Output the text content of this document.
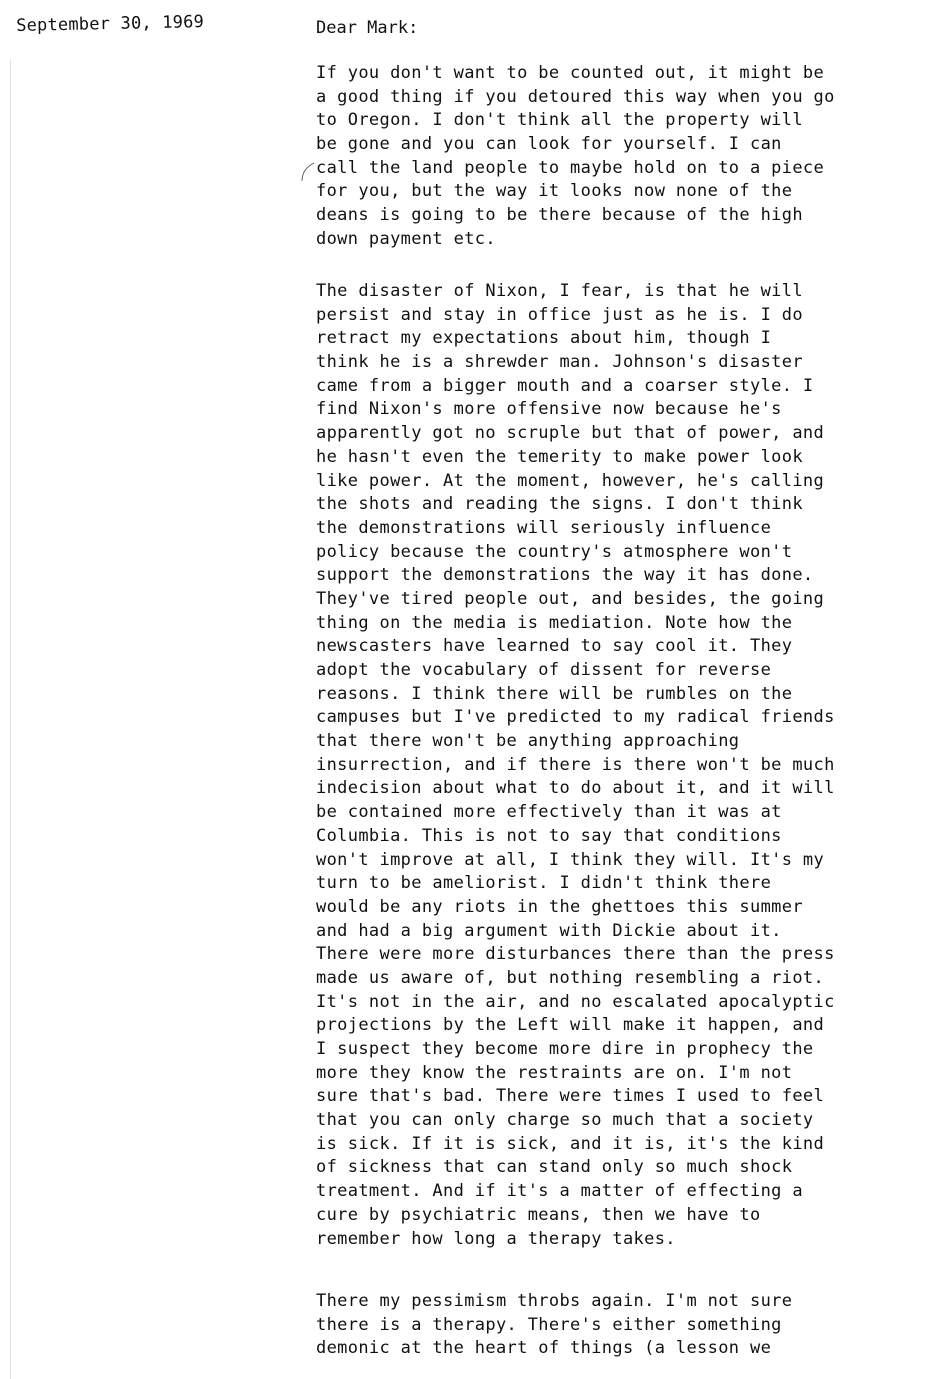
September 30, 1969	Dear Mark:
If you don't want to be counted out, it might be
a good thing if you detoured this way when you go
to Oregon. I don't think all the property will
be gone and you can look for yourself. I can
call the land people to maybe hold on to a piece
for you, but the way it looks now none of the
deans is going to be there because of the high
down payment etc.
The disaster of Nixon, I fear, is that he will
persist and stay in office just as he is. I do
retract my expectations about him, though I
think he is a shrewder man. Johnson's disaster
came from a bigger mouth and a coarser style. I
find Nixon's more offensive now because he's
apparently got no scruple but that of power, and
he hasn't even the temerity to make power look
like power. At the moment, however, he's calling
the shots and reading the signs. I don't think
the demonstrations will seriously influence
policy because the country's atmosphere won't
support the demonstrations the way it has done.
They've tired people out, and besides, the going
thing on the media is mediation. Note how the
newscasters have learned to say cool it. They
adopt the vocabulary of dissent for reverse
reasons. I think there will be rumbles on the
campuses but I've predicted to my radical friends
that there won't be anything approaching
insurrection, and if there is there won't be much
indecision about what to do about it, and it will
be contained more effectively than it was at
Columbia. This is not to say that conditions
won't improve at all, I think they will. It's my
turn to be ameliorist. I didn't think there
would be any riots in the ghettoes this summer
and had a big argument with Dickie about it.
There were more disturbances there than the press
made us aware of, but nothing resembling a riot.
It's not in the air, and no escalated apocalyptic
projections by the Left will make it happen, and
I suspect they become more dire in prophecy the
more they know the restraints are on. I'm not
sure that's bad. There were times I used to feel
that you can only charge so much that a society
is sick. If it is sick, and it is, it's the kind
of sickness that can stand only so much shock
treatment. And if it's a matter of effecting a
cure by psychiatric means, then we have to
remember how long a therapy takes.
There my pessimism throbs again. I'm not sure
there is a therapy. There's either something
demonic at the heart of things (a lesson we
